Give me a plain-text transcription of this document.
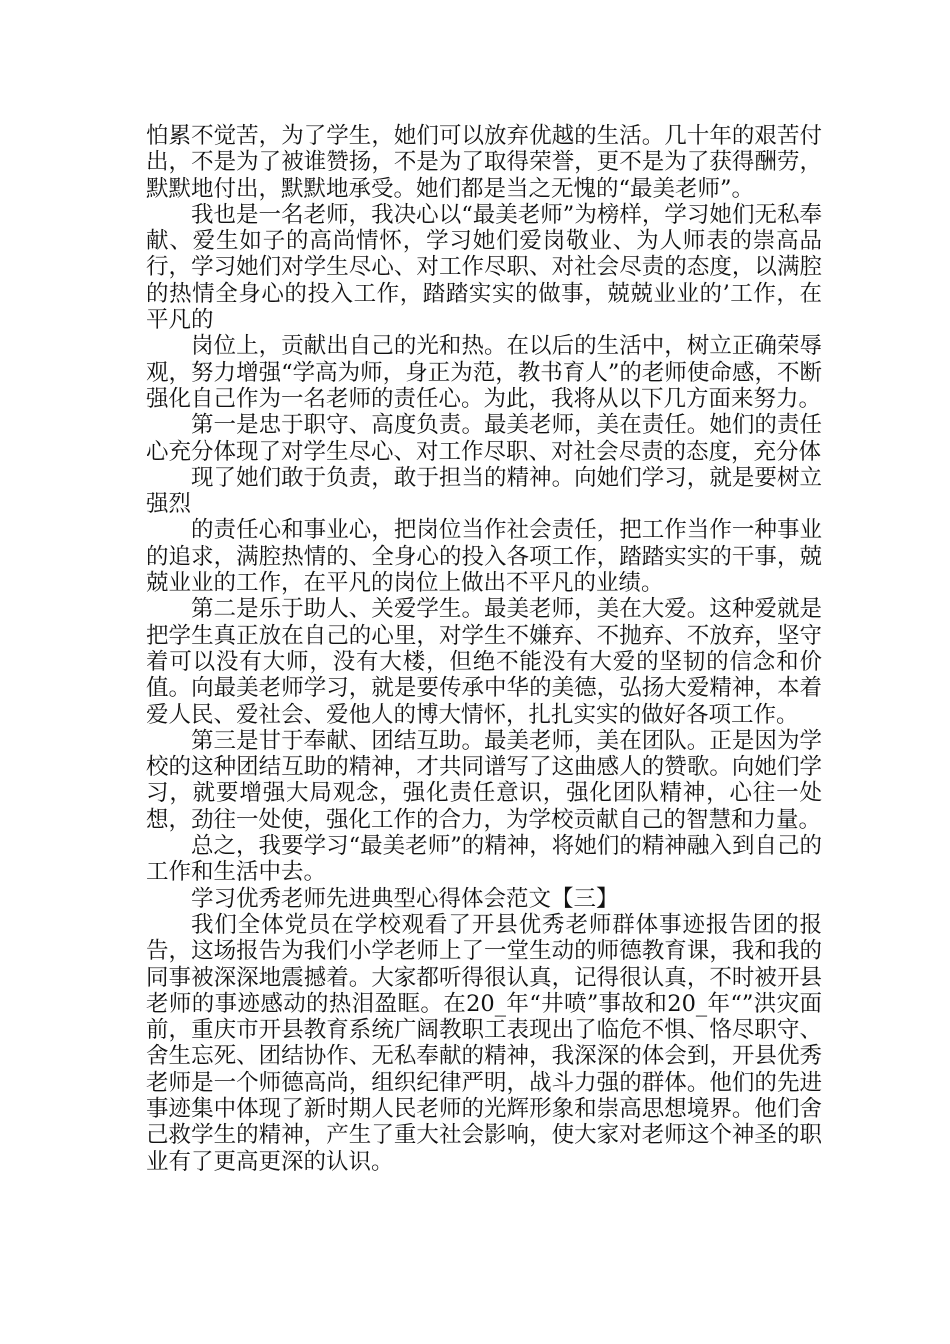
怕累不觉苦，为了学生，她们可以放弃优越的生活。几十年的艰苦付出，不是为了被谁赞扬，不是为了取得荣誉，更不是为了获得酬劳，默默地付出，默默地承受。她们都是当之无愧的“最美老师”。

我也是一名老师，我决心以“最美老师”为榜样，学习她们无私奉献、爱生如子的高尚情怀，学习她们爱岗敬业、为人师表的崇高品行，学习她们对学生尽心、对工作尽职、对社会尽责的态度，以满腔的热情全身心的投入工作，踏踏实实的做事，兢兢业业的’工作，在平凡的

岗位上，贡献出自己的光和热。在以后的生活中，树立正确荣辱观，努力增强“学高为师，身正为范，教书育人”的老师使命感，不断强化自己作为一名老师的责任心。为此，我将从以下几方面来努力。

第一是忠于职守、高度负责。最美老师，美在责任。她们的责任心充分体现了对学生尽心、对工作尽职、对社会尽责的态度，充分体

现了她们敢于负责，敢于担当的精神。向她们学习，就是要树立强烈

的责任心和事业心，把岗位当作社会责任，把工作当作一种事业的追求，满腔热情的、全身心的投入各项工作，踏踏实实的干事，兢兢业业的工作，在平凡的岗位上做出不平凡的业绩。

第二是乐于助人、关爱学生。最美老师，美在大爱。这种爱就是把学生真正放在自己的心里，对学生不嫌弃、不抛弃、不放弃，坚守着可以没有大师，没有大楼，但绝不能没有大爱的坚韧的信念和价值。向最美老师学习，就是要传承中华的美德，弘扬大爱精神，本着爱人民、爱社会、爱他人的博大情怀，扎扎实实的做好各项工作。

第三是甘于奉献、团结互助。最美老师，美在团队。正是因为学校的这种团结互助的精神，才共同谱写了这曲感人的赞歌。向她们学习，就要增强大局观念，强化责任意识，强化团队精神，心往一处想，劲往一处使，强化工作的合力，为学校贡献自己的智慧和力量。

总之，我要学习“最美老师”的精神，将她们的精神融入到自己的工作和生活中去。

学习优秀老师先进典型心得体会范文【三】

我们全体党员在学校观看了开县优秀老师群体事迹报告团的报告，这场报告为我们小学老师上了一堂生动的师德教育课，我和我的同事被深深地震撼着。大家都听得很认真，记得很认真，不时被开县老师的事迹感动的热泪盈眶。在20_年“井喷”事故和20_年“”洪灾面前，重庆市开县教育系统广阔教职工表现出了临危不惧、恪尽职守、舍生忘死、团结协作、无私奉献的精神，我深深的体会到，开县优秀老师是一个师德高尚，组织纪律严明，战斗力强的群体。他们的先进事迹集中体现了新时期人民老师的光辉形象和崇高思想境界。他们舍己救学生的精神，产生了重大社会影响，使大家对老师这个神圣的职业有了更高更深的认识。
